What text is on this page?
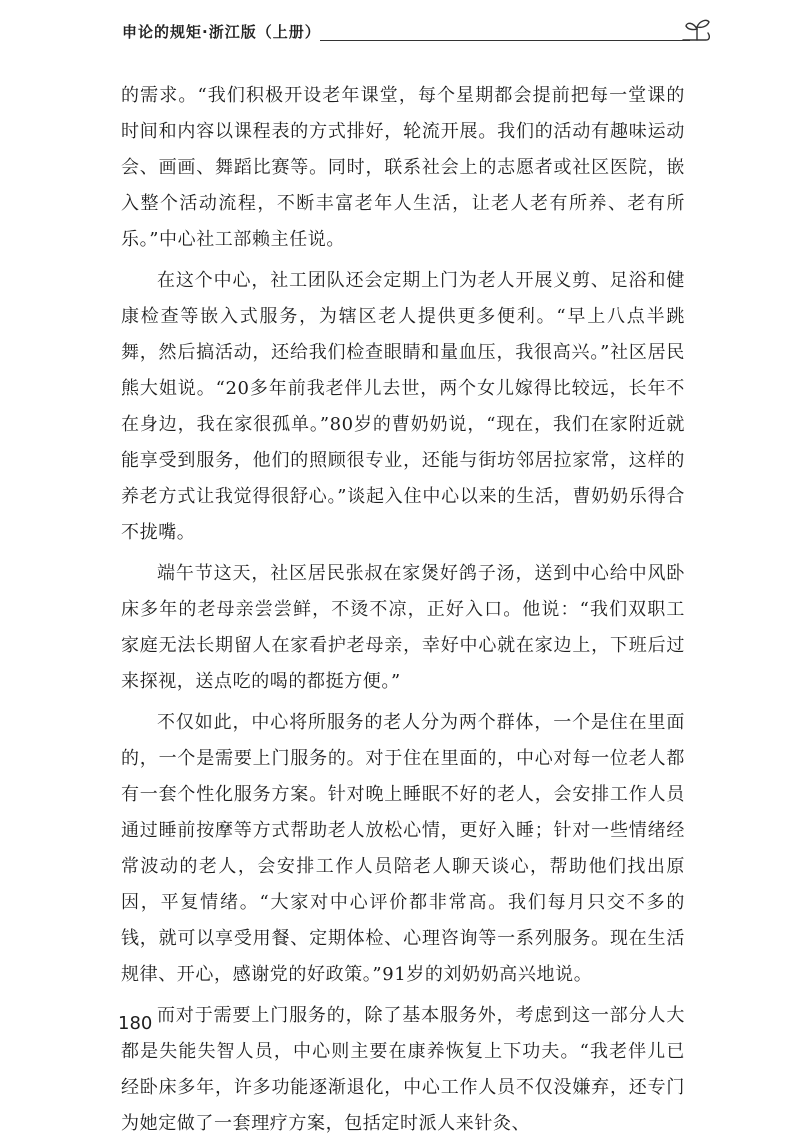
申论的规矩·浙江版（上册）

的需求。“我们积极开设老年课堂，每个星期都会提前把每一堂课的时间和内容以课程表的方式排好，轮流开展。我们的活动有趣味运动会、画画、舞蹈比赛等。同时，联系社会上的志愿者或社区医院，嵌入整个活动流程，不断丰富老年人生活，让老人老有所养、老有所乐。”中心社工部赖主任说。

在这个中心，社工团队还会定期上门为老人开展义剪、足浴和健康检查等嵌入式服务，为辖区老人提供更多便利。“早上八点半跳舞，然后搞活动，还给我们检查眼睛和量血压，我很高兴。”社区居民熊大姐说。“20多年前我老伴儿去世，两个女儿嫁得比较远，长年不在身边，我在家很孤单。”80岁的曹奶奶说，“现在，我们在家附近就能享受到服务，他们的照顾很专业，还能与街坊邻居拉家常，这样的养老方式让我觉得很舒心。”谈起入住中心以来的生活，曹奶奶乐得合不拢嘴。

端午节这天，社区居民张叔在家煲好鸽子汤，送到中心给中风卧床多年的老母亲尝尝鲜，不烫不凉，正好入口。他说：“我们双职工家庭无法长期留人在家看护老母亲，幸好中心就在家边上，下班后过来探视，送点吃的喝的都挺方便。”

不仅如此，中心将所服务的老人分为两个群体，一个是住在里面的，一个是需要上门服务的。对于住在里面的，中心对每一位老人都有一套个性化服务方案。针对晚上睡眠不好的老人，会安排工作人员通过睡前按摩等方式帮助老人放松心情，更好入睡；针对一些情绪经常波动的老人，会安排工作人员陪老人聊天谈心，帮助他们找出原因，平复情绪。“大家对中心评价都非常高。我们每月只交不多的钱，就可以享受用餐、定期体检、心理咨询等一系列服务。现在生活规律、开心，感谢党的好政策。”91岁的刘奶奶高兴地说。

而对于需要上门服务的，除了基本服务外，考虑到这一部分人大都是失能失智人员，中心则主要在康养恢复上下功夫。“我老伴儿已经卧床多年，许多功能逐渐退化，中心工作人员不仅没嫌弃，还专门为她定做了一套理疗方案，包括定时派人来针灸、

180
